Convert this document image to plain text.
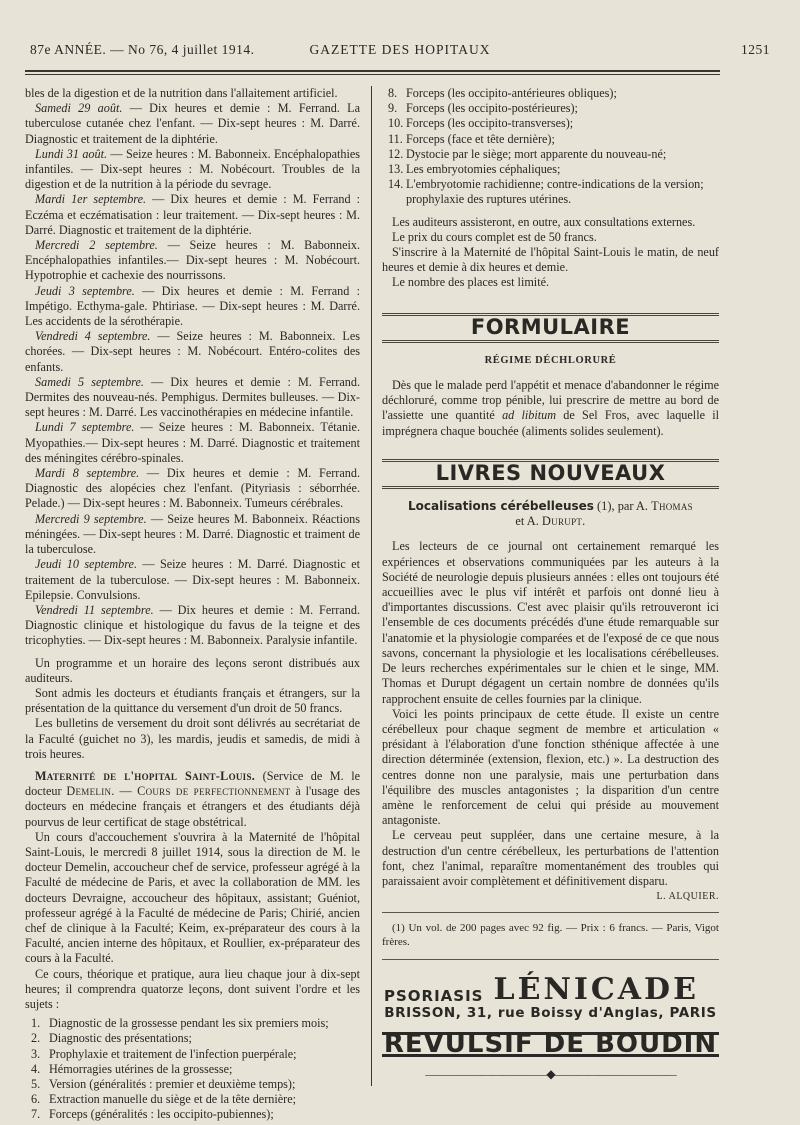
87e ANNÉE. — No 76, 4 juillet 1914.	GAZETTE DES HOPITAUX	1251

bles de la digestion et de la nutrition dans l'allaitement artificiel.

Samedi 29 août. — Dix heures et demie : M. Ferrand. La tuberculose cutanée chez l'enfant. — Dix-sept heures : M. Darré. Diagnostic et traitement de la diphtérie.

Lundi 31 août. — Seize heures : M. Babonneix. Encéphalopathies infantiles. — Dix-sept heures : M. Nobécourt. Troubles de la digestion et de la nutrition à la période du sevrage.

Mardi 1er septembre. — Dix heures et demie : M. Ferrand : Eczéma et eczématisation : leur traitement. — Dix-sept heures : M. Darré. Diagnostic et traitement de la diphtérie.

Mercredi 2 septembre. — Seize heures : M. Babonneix. Encéphalopathies infantiles.— Dix-sept heures : M. Nobécourt. Hypotrophie et cachexie des nourrissons.

Jeudi 3 septembre. — Dix heures et demie : M. Ferrand : Impétigo. Ecthyma-gale. Phtiriase. — Dix-sept heures : M. Darré. Les accidents de la sérothérapie.

Vendredi 4 septembre. — Seize heures : M. Babonneix. Les chorées. — Dix-sept heures : M. Nobécourt. Entéro-colites des enfants.

Samedi 5 septembre. — Dix heures et demie : M. Ferrand. Dermites des nouveau-nés. Pemphigus. Dermites bulleuses. — Dix-sept heures : M. Darré. Les vaccinothérapies en médecine infantile.

Lundi 7 septembre. — Seize heures : M. Babonneix. Tétanie. Myopathies.— Dix-sept heures : M. Darré. Diagnostic et traitement des méningites cérébro-spinales.

Mardi 8 septembre. — Dix heures et demie : M. Ferrand. Diagnostic des alopécies chez l'enfant. (Pityriasis : séborrhée. Pelade.) — Dix-sept heures : M. Babonneix. Tumeurs cérébrales.

Mercredi 9 septembre. — Seize heures M. Babonneix. Réactions méningées. — Dix-sept heures : M. Darré. Diagnostic et traiment de la tuberculose.

Jeudi 10 septembre. — Seize heures : M. Darré. Diagnostic et traitement de la tuberculose. — Dix-sept heures : M. Babonneix. Epilepsie. Convulsions.

Vendredi 11 septembre. — Dix heures et demie : M. Ferrand. Diagnostic clinique et histologique du favus de la teigne et des tricophyties. — Dix-sept heures : M. Babonneix. Paralysie infantile.

Un programme et un horaire des leçons seront distribués aux auditeurs.

Sont admis les docteurs et étudiants français et étrangers, sur la présentation de la quittance du versement d'un droit de 50 francs.

Les bulletins de versement du droit sont délivrés au secrétariat de la Faculté (guichet no 3), les mardis, jeudis et samedis, de midi à trois heures.

Maternité de l'hopital Saint-Louis. (Service de M. le docteur Demelin. — Cours de perfectionnement à l'usage des docteurs en médecine français et étrangers et des étudiants déjà pourvus de leur certificat de stage obstétrical.

Un cours d'accouchement s'ouvrira à la Maternité de l'hôpital Saint-Louis, le mercredi 8 juillet 1914, sous la direction de M. le docteur Demelin, accoucheur chef de service, professeur agrégé à la Faculté de médecine de Paris, et avec la collaboration de MM. les docteurs Devraigne, accoucheur des hôpitaux, assistant; Guéniot, professeur agrégé à la Faculté de médecine de Paris; Chirié, ancien chef de clinique à la Faculté; Keim, ex-préparateur des cours à la Faculté, ancien interne des hôpitaux, et Roullier, ex-préparateur des cours à la Faculté.

Ce cours, théorique et pratique, aura lieu chaque jour à dix-sept heures; il comprendra quatorze leçons, dont suivent l'ordre et les sujets :

1. Diagnostic de la grossesse pendant les six premiers mois;
2. Diagnostic des présentations;
3. Prophylaxie et traitement de l'infection puerpérale;
4. Hémorragies utérines de la grossesse;
5. Version (généralités : premier et deuxième temps);
6. Extraction manuelle du siège et de la tête dernière;
7. Forceps (généralités : les occipito-pubiennes);
8. Forceps (les occipito-antérieures obliques);
9. Forceps (les occipito-postérieures);
10. Forceps (les occipito-transverses);
11. Forceps (face et tête dernière);
12. Dystocie par le siège; mort apparente du nouveau-né;
13. Les embryotomies céphaliques;
14. L'embryotomie rachidienne; contre-indications de la version; prophylaxie des ruptures utérines.

Les auditeurs assisteront, en outre, aux consultations externes.

Le prix du cours complet est de 50 francs.

S'inscrire à la Maternité de l'hôpital Saint-Louis le matin, de neuf heures et demie à dix heures et demie.

Le nombre des places est limité.

FORMULAIRE
RÉGIME DÉCHLORURÉ

Dès que le malade perd l'appétit et menace d'abandonner le régime déchloruré, comme trop pénible, lui prescrire de mettre au bord de l'assiette une quantité ad libitum de Sel Fros, avec laquelle il imprégnera chaque bouchée (aliments solides seulement).

LIVRES NOUVEAUX
Localisations cérébelleuses (1), par A. Thomas
et A. Durupt.

Les lecteurs de ce journal ont certainement remarqué les expériences et observations communiquées par les auteurs à la Société de neurologie depuis plusieurs années : elles ont toujours été accueillies avec le plus vif intérêt et parfois ont donné lieu à d'importantes discussions. C'est avec plaisir qu'ils retrouveront ici l'ensemble de ces documents précédés d'une étude remarquable sur l'anatomie et la physiologie comparées et de l'exposé de ce que nous savons, concernant la physiologie et les localisations cérébelleuses. De leurs recherches expérimentales sur le chien et le singe, MM. Thomas et Durupt dégagent un certain nombre de données qu'ils rapprochent ensuite de celles fournies par la clinique.

Voici les points principaux de cette étude. Il existe un centre cérébelleux pour chaque segment de membre et articulation « présidant à l'élaboration d'une fonction sthénique affectée à une direction déterminée (extension, flexion, etc.) ». La destruction des centres donne non une paralysie, mais une perturbation dans l'équilibre des muscles antagonistes ; la disparition d'un centre amène le renforcement de celui qui préside au mouvement antagoniste.

Le cerveau peut suppléer, dans une certaine mesure, à la destruction d'un centre cérébelleux, les perturbations de l'attention font, chez l'animal, reparaître momentanément des troubles qui paraissaient avoir complètement et définitivement disparu.

L. ALQUIER.

(1) Un vol. de 200 pages avec 92 fig. — Prix : 6 francs. — Paris, Vigot frères.

PSORIASIS LÉNICADE
BRISSON, 31, rue Boissy d'Anglas, PARIS
REVULSIF DE BOUDIN
———————————◆———————————
